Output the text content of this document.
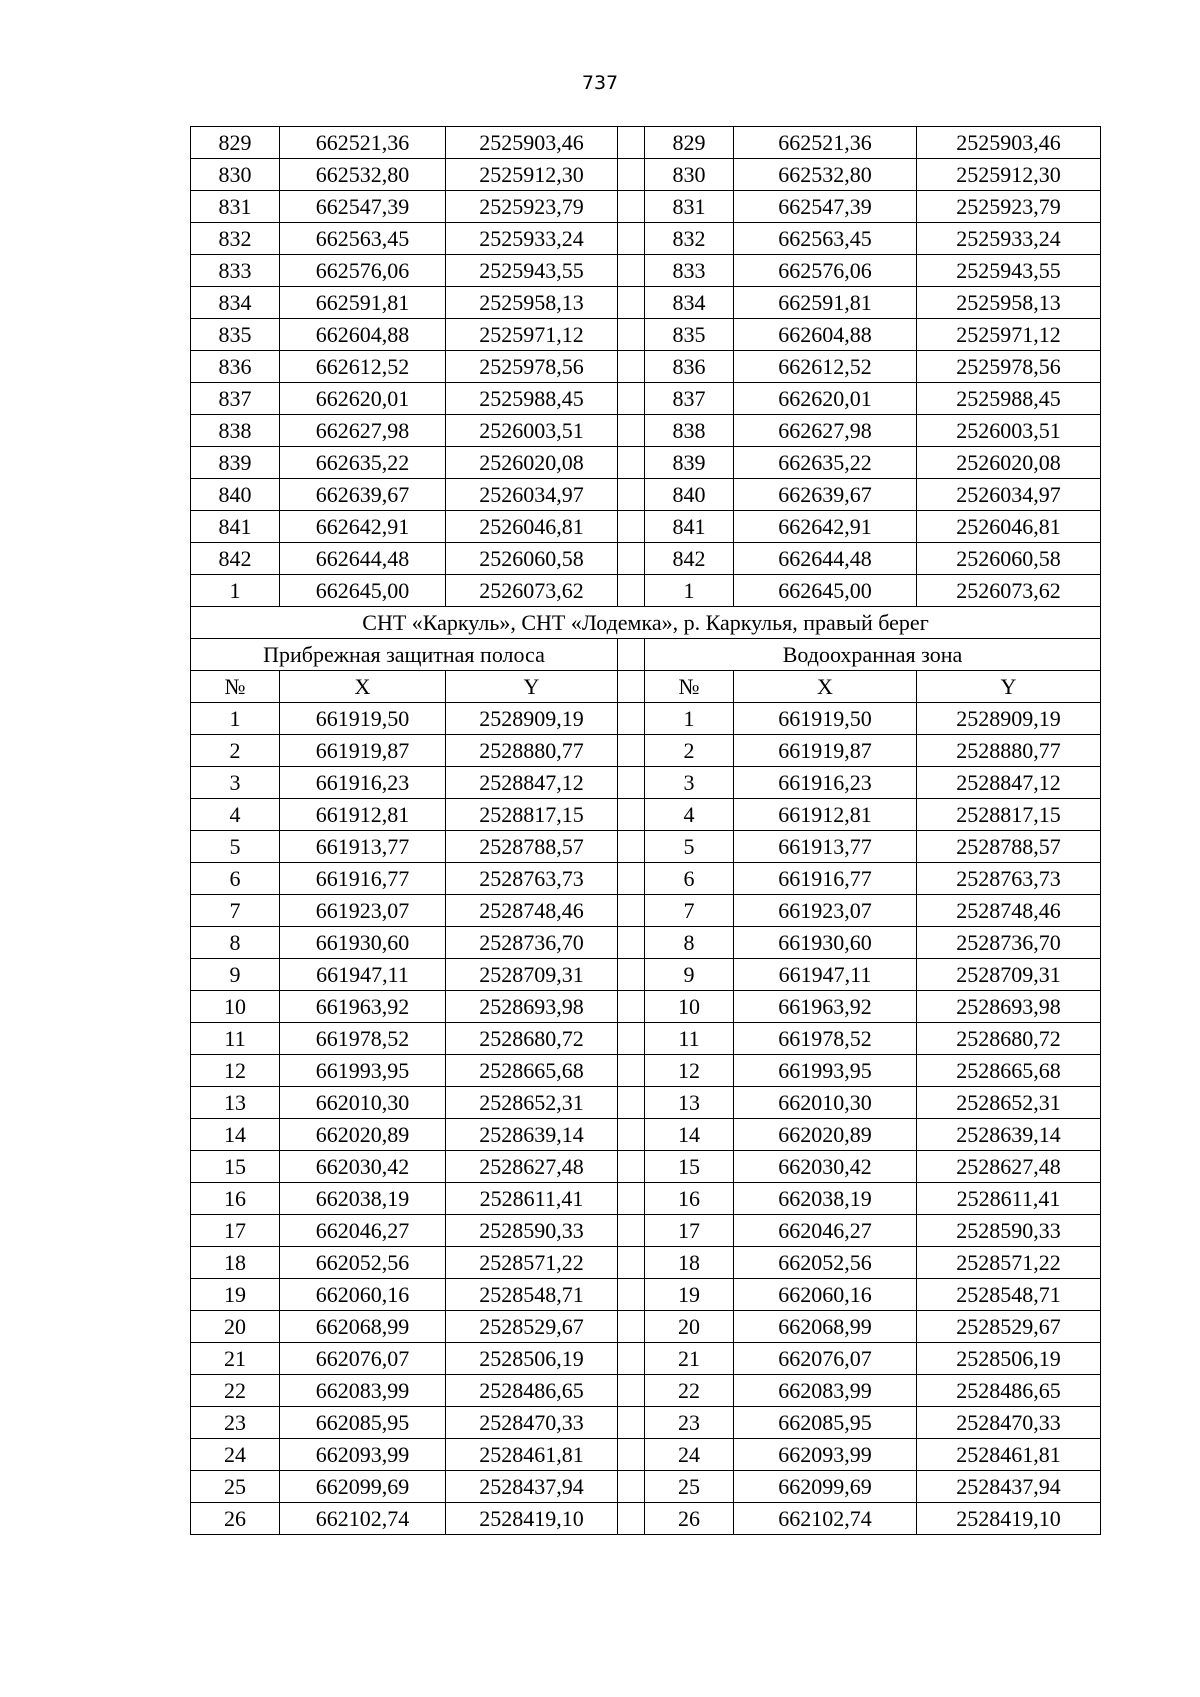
737
829	662521,36	2525903,46		829	662521,36	2525903,46
830	662532,80	2525912,30		830	662532,80	2525912,30
831	662547,39	2525923,79		831	662547,39	2525923,79
832	662563,45	2525933,24		832	662563,45	2525933,24
833	662576,06	2525943,55		833	662576,06	2525943,55
834	662591,81	2525958,13		834	662591,81	2525958,13
835	662604,88	2525971,12		835	662604,88	2525971,12
836	662612,52	2525978,56		836	662612,52	2525978,56
837	662620,01	2525988,45		837	662620,01	2525988,45
838	662627,98	2526003,51		838	662627,98	2526003,51
839	662635,22	2526020,08		839	662635,22	2526020,08
840	662639,67	2526034,97		840	662639,67	2526034,97
841	662642,91	2526046,81		841	662642,91	2526046,81
842	662644,48	2526060,58		842	662644,48	2526060,58
1	662645,00	2526073,62		1	662645,00	2526073,62
СНТ «Каркуль», СНТ «Лодемка», р. Каркулья, правый берег						
Прибрежная защитная полоса				Водоохранная зона		
№	X	Y		№	X	Y
1	661919,50	2528909,19		1	661919,50	2528909,19
2	661919,87	2528880,77		2	661919,87	2528880,77
3	661916,23	2528847,12		3	661916,23	2528847,12
4	661912,81	2528817,15		4	661912,81	2528817,15
5	661913,77	2528788,57		5	661913,77	2528788,57
6	661916,77	2528763,73		6	661916,77	2528763,73
7	661923,07	2528748,46		7	661923,07	2528748,46
8	661930,60	2528736,70		8	661930,60	2528736,70
9	661947,11	2528709,31		9	661947,11	2528709,31
10	661963,92	2528693,98		10	661963,92	2528693,98
11	661978,52	2528680,72		11	661978,52	2528680,72
12	661993,95	2528665,68		12	661993,95	2528665,68
13	662010,30	2528652,31		13	662010,30	2528652,31
14	662020,89	2528639,14		14	662020,89	2528639,14
15	662030,42	2528627,48		15	662030,42	2528627,48
16	662038,19	2528611,41		16	662038,19	2528611,41
17	662046,27	2528590,33		17	662046,27	2528590,33
18	662052,56	2528571,22		18	662052,56	2528571,22
19	662060,16	2528548,71		19	662060,16	2528548,71
20	662068,99	2528529,67		20	662068,99	2528529,67
21	662076,07	2528506,19		21	662076,07	2528506,19
22	662083,99	2528486,65		22	662083,99	2528486,65
23	662085,95	2528470,33		23	662085,95	2528470,33
24	662093,99	2528461,81		24	662093,99	2528461,81
25	662099,69	2528437,94		25	662099,69	2528437,94
26	662102,74	2528419,10		26	662102,74	2528419,10
